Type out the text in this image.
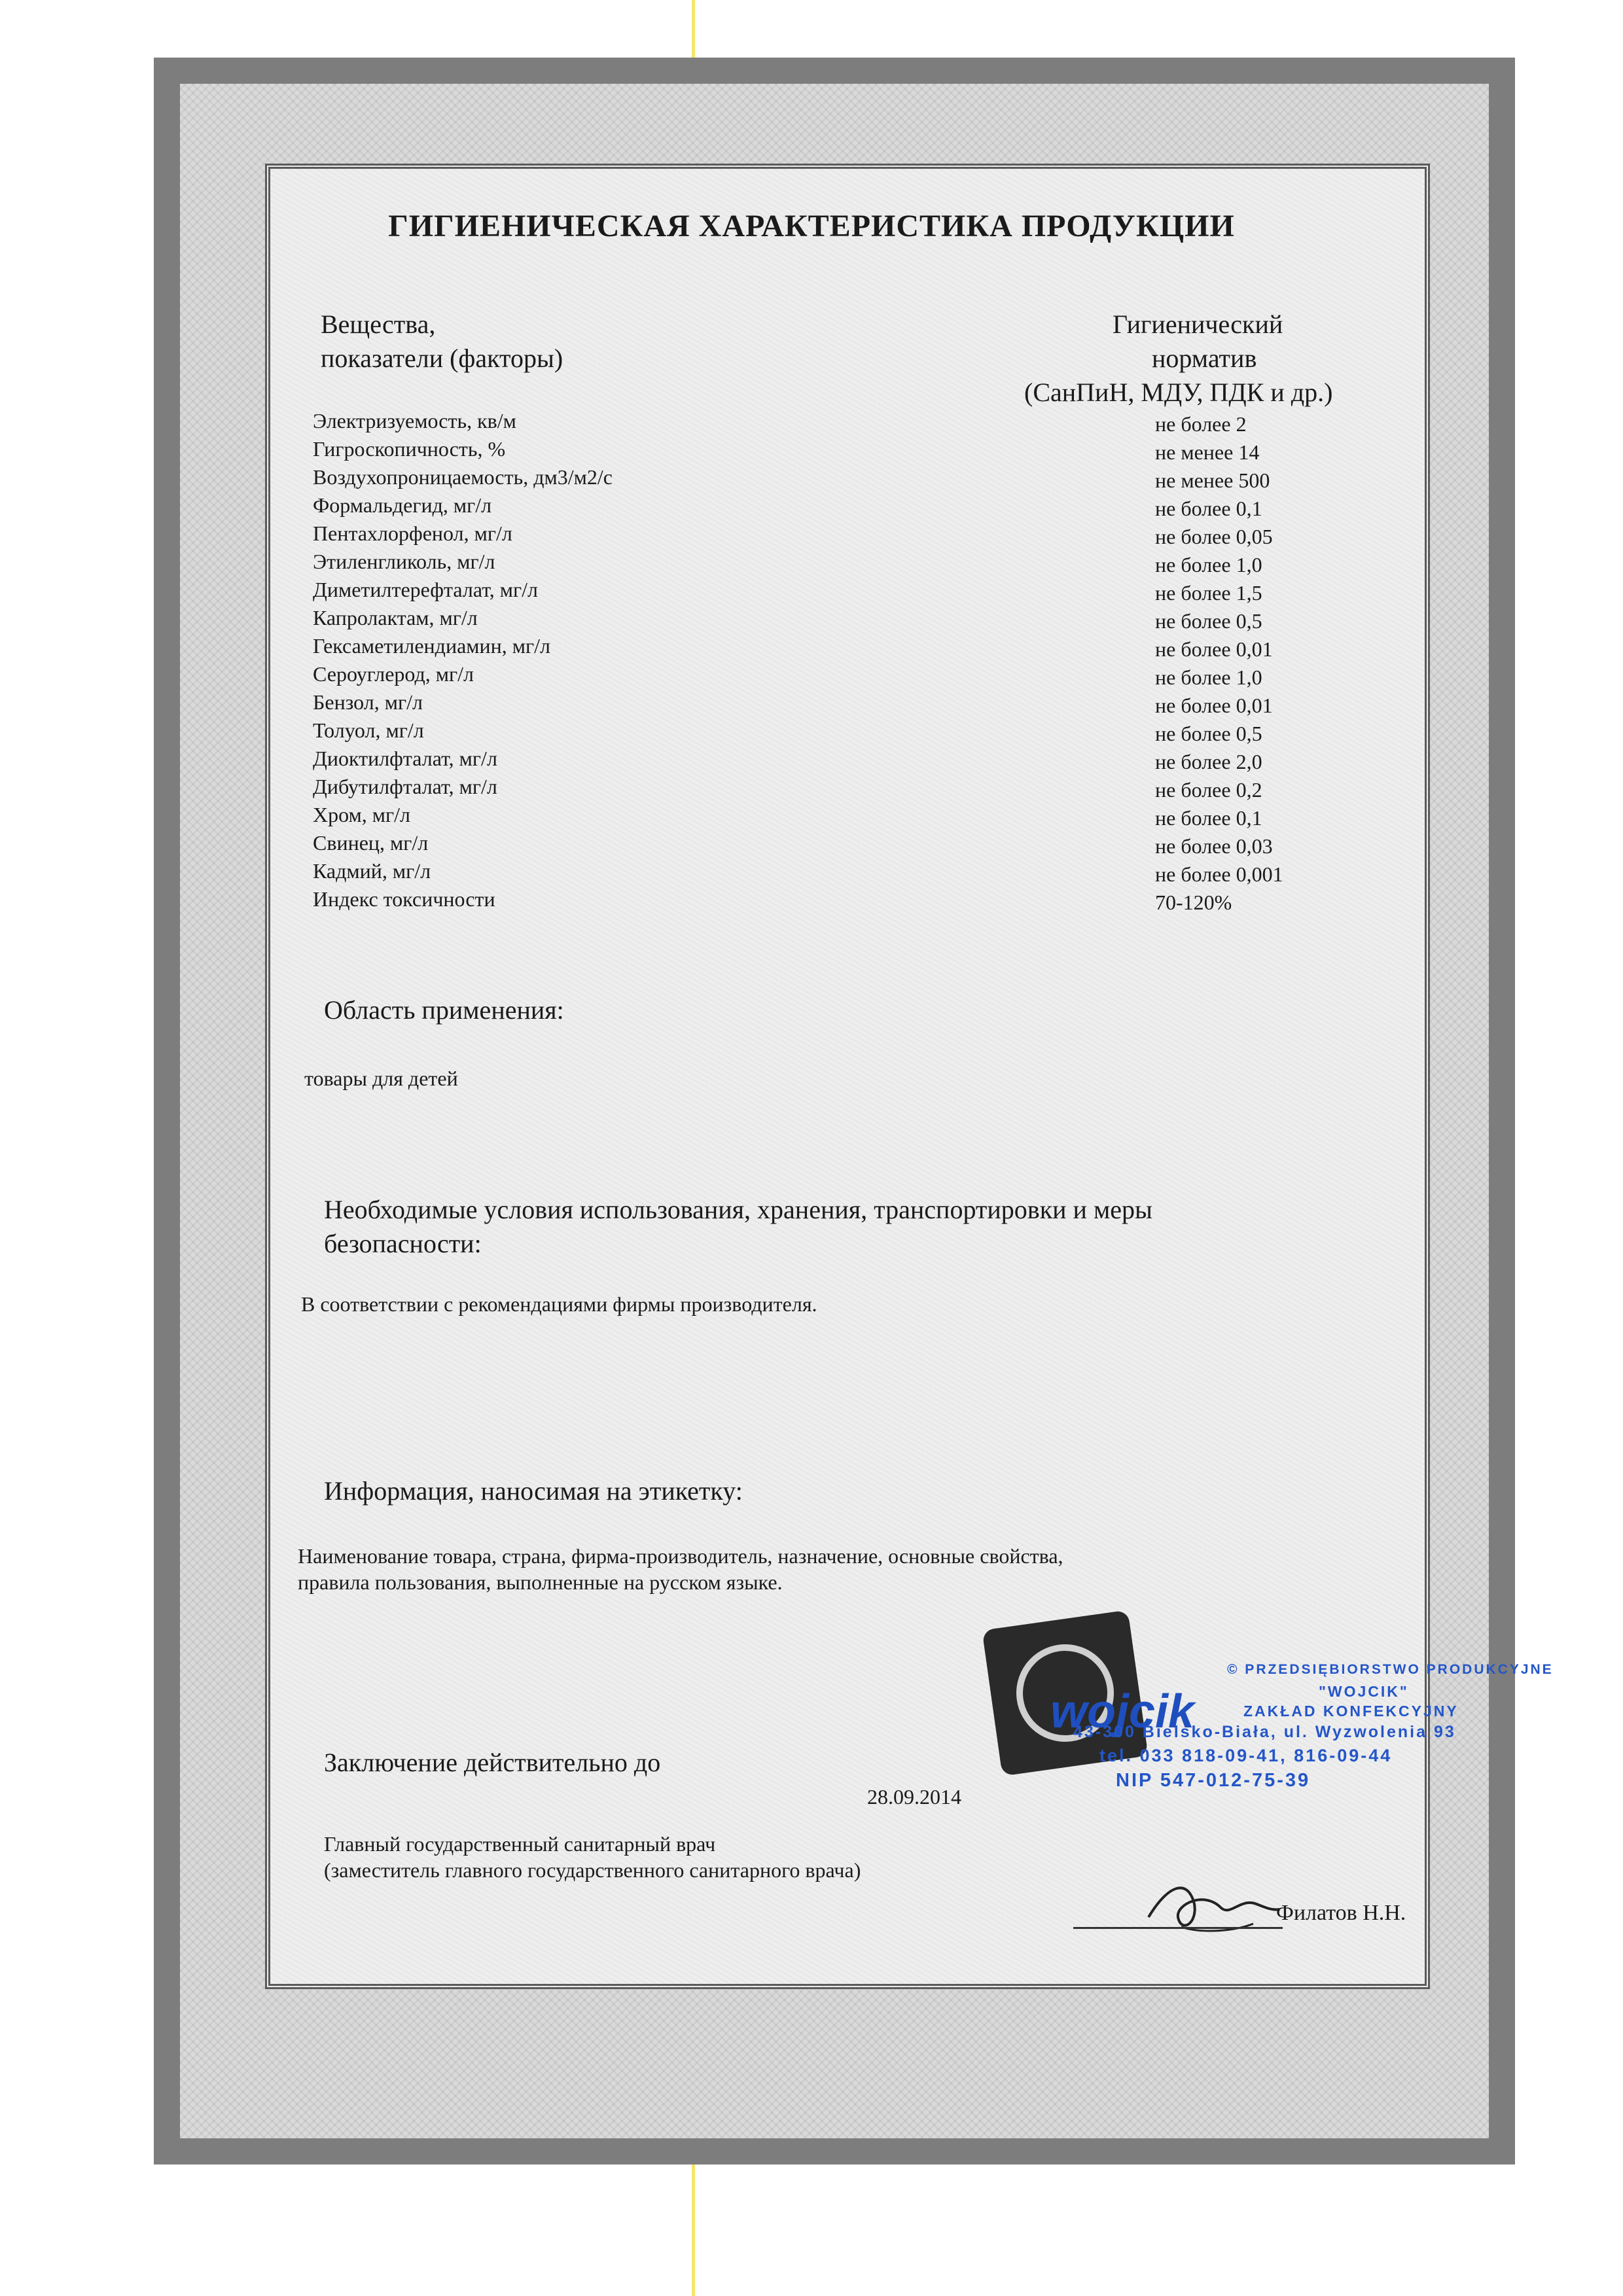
ГИГИЕНИЧЕСКАЯ ХАРАКТЕРИСТИКА ПРОДУКЦИИ
Вещества,
показатели (факторы)
Гигиенический
норматив
(СанПиН, МДУ, ПДК и др.)
Электризуемость, кв/м	не более 2
Гигроскопичность, %	не менее 14
Воздухопроницаемость, дм3/м2/с	не менее 500
Формальдегид, мг/л	не более 0,1
Пентахлорфенол, мг/л	не более 0,05
Этиленгликоль, мг/л	не более 1,0
Диметилтерефталат, мг/л	не более 1,5
Капролактам, мг/л	не более 0,5
Гексаметилендиамин, мг/л	не более 0,01
Сероуглерод, мг/л	не более 1,0
Бензол, мг/л	не более 0,01
Толуол, мг/л	не более 0,5
Диоктилфталат, мг/л	не более 2,0
Дибутилфталат, мг/л	не более 0,2
Хром, мг/л	не более 0,1
Свинец, мг/л	не более 0,03
Кадмий, мг/л	не более 0,001
Индекс токсичности	70-120%
Область применения:
товары для детей
Необходимые условия использования, хранения, транспортировки и меры
безопасности:
В соответствии с рекомендациями фирмы производителя.
Информация, наносимая на этикетку:
Наименование товара, страна, фирма-производитель, назначение, основные свойства,
правила пользования, выполненные на русском языке.
wojcik
© PRZEDSIĘBIORSTWO PRODUKCYJNE
"WOJCIK"
ZAKŁAD KONFEKCYJNY
43-300 Bielsko-Biała, ul. Wyzwolenia 93
tel. 033 818-09-41, 816-09-44
NIP 547-012-75-39
Заключение действительно до
28.09.2014
Главный государственный санитарный врач
(заместитель главного государственного санитарного врача)
Филатов Н.Н.
